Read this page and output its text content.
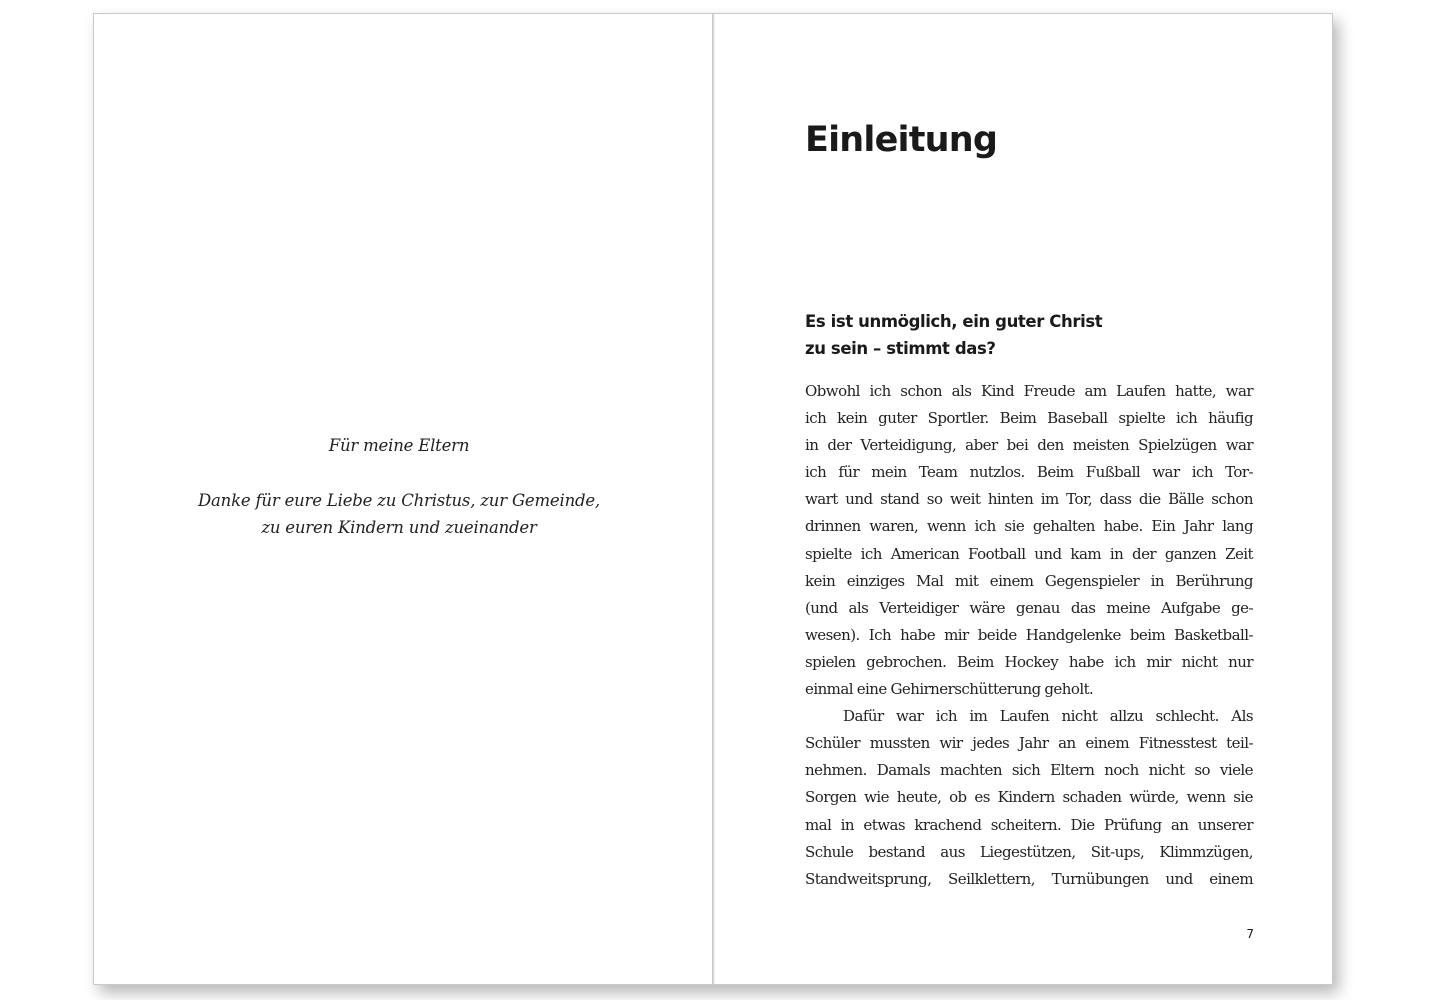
Für meine Eltern
Danke für eure Liebe zu Christus, zur Gemeinde,
zu euren Kindern und zueinander
Einleitung
Es ist unmöglich, ein guter Christ
zu sein – stimmt das?
Obwohl ich schon als Kind Freude am Laufen hatte, war
ich kein guter Sportler. Beim Baseball spielte ich häufig
in der Verteidigung, aber bei den meisten Spielzügen war
ich für mein Team nutzlos. Beim Fußball war ich Tor-
wart und stand so weit hinten im Tor, dass die Bälle schon
drinnen waren, wenn ich sie gehalten habe. Ein Jahr lang
spielte ich American Football und kam in der ganzen Zeit
kein einziges Mal mit einem Gegenspieler in Berührung
(und als Verteidiger wäre genau das meine Aufgabe ge-
wesen). Ich habe mir beide Handgelenke beim Basketball-
spielen gebrochen. Beim Hockey habe ich mir nicht nur
einmal eine Gehirnerschütterung geholt.
Dafür war ich im Laufen nicht allzu schlecht. Als
Schüler mussten wir jedes Jahr an einem Fitnesstest teil-
nehmen. Damals machten sich Eltern noch nicht so viele
Sorgen wie heute, ob es Kindern schaden würde, wenn sie
mal in etwas krachend scheitern. Die Prüfung an unserer
Schule bestand aus Liegestützen, Sit-ups, Klimmzügen,
Standweitsprung, Seilklettern, Turnübungen und einem
7
